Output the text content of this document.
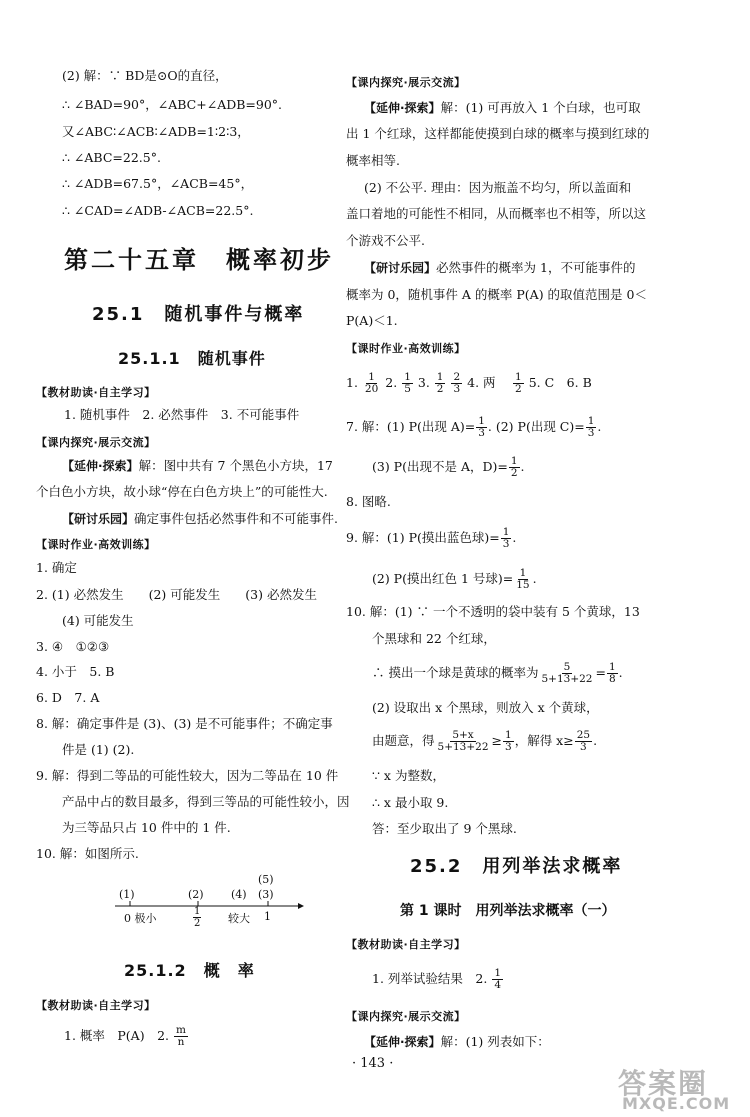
(2) 解：∵ BD是⊙O的直径，
∴ ∠BAD=90°，∠ABC+∠ADB=90°.
又∠ABC∶∠ACB∶∠ADB=1∶2∶3，
∴ ∠ABC=22.5°.
∴ ∠ADB=67.5°，∠ACB=45°，
∴ ∠CAD=∠ADB-∠ACB=22.5°.
第二十五章　概率初步
25.1　随机事件与概率
25.1.1　随机事件
【教材助读·自主学习】
1. 随机事件　2. 必然事件　3. 不可能事件
【课内探究·展示交流】
【延伸·探索】解：图中共有 7 个黑色小方块，17
个白色小方块，故小球“停在白色方块上”的可能性大.
【研讨乐园】确定事件包括必然事件和不可能事件.
【课时作业·高效训练】
1. 确定
2. (1) 必然发生　　(2) 可能发生　　(3) 必然发生
(4) 可能发生
3. ④　①②③
4. 小于　5. B
6. D　7. A
8. 解：确定事件是 (3)、(3) 是不可能事件；不确定事
件是 (1) (2).
9. 解：得到二等品的可能性较大，因为二等品在 10 件
产品中占的数目最多，得到三等品的可能性较小，因
为三等品只占 10 件中的 1 件.
10. 解：如图所示.
(1)	(2) (4) (3)
(5)
0 极小	$\frac{1}{2}$ 较大 1
25.1.2　概　率
【教材助读·自主学习】
1. 概率　P(A)　2. $\frac{m}{n}$
【课内探究·展示交流】
【延伸·探索】解：(1) 可再放入 1 个白球，也可取
出 1 个红球，这样都能使摸到白球的概率与摸到红球的
概率相等.
(2) 不公平. 理由：因为瓶盖不均匀，所以盖面和
盖口着地的可能性不相同，从而概率也不相等，所以这
个游戏不公平.
【研讨乐园】必然事件的概率为 1，不可能事件的
概率为 0，随机事件 A 的概率 P(A) 的取值范围是 0＜
P(A)＜1.
【课时作业·高效训练】
1. $\frac{1}{20} 2$. $\frac{1}{5} 3$. $\frac{1}{2}$
$\frac{2}{3} 4$. 两　 $\frac{1}{2} 5$. C　6. B
7. 解：(1) P(出现 $A)= \frac{1}{3}$ . (2) P(出现 $C)= \frac{1}{3}$ .
(3) P(出现不是 A，$D)= \frac{1}{2}$ .
8. 图略.
9. 解：(1) P(摸出蓝色球)= $\frac{1}{3}$ .
(2) P(摸出红色 1 号球)= $\frac{1}{15}$ .
10. 解：(1) ∵ 一个不透明的袋中装有 5 个黄球，13
个黑球和 22 个红球，
∴ 摸出一个球是黄球的概率为 $\frac{5}{5+13+22} = \frac{1}{8}$ .
(2) 设取出 x 个黑球，则放入 x 个黄球，
由题意，得 $\frac{5+x}{5+13+22} \ge \frac{1}{3}$ ，解得 $x\ge \frac{25}{3}$ .
∵ x 为整数，
∴ x 最小取 9.
答：至少取出了 9 个黑球.
25.2　用列举法求概率
第 1 课时　用列举法求概率（一）
【教材助读·自主学习】
1. 列举试验结果　2. $\frac{1}{4}$
【课内探究·展示交流】
【延伸·探索】解：(1) 列表如下：
· 143 ·
答案圈
MXQE.COM
